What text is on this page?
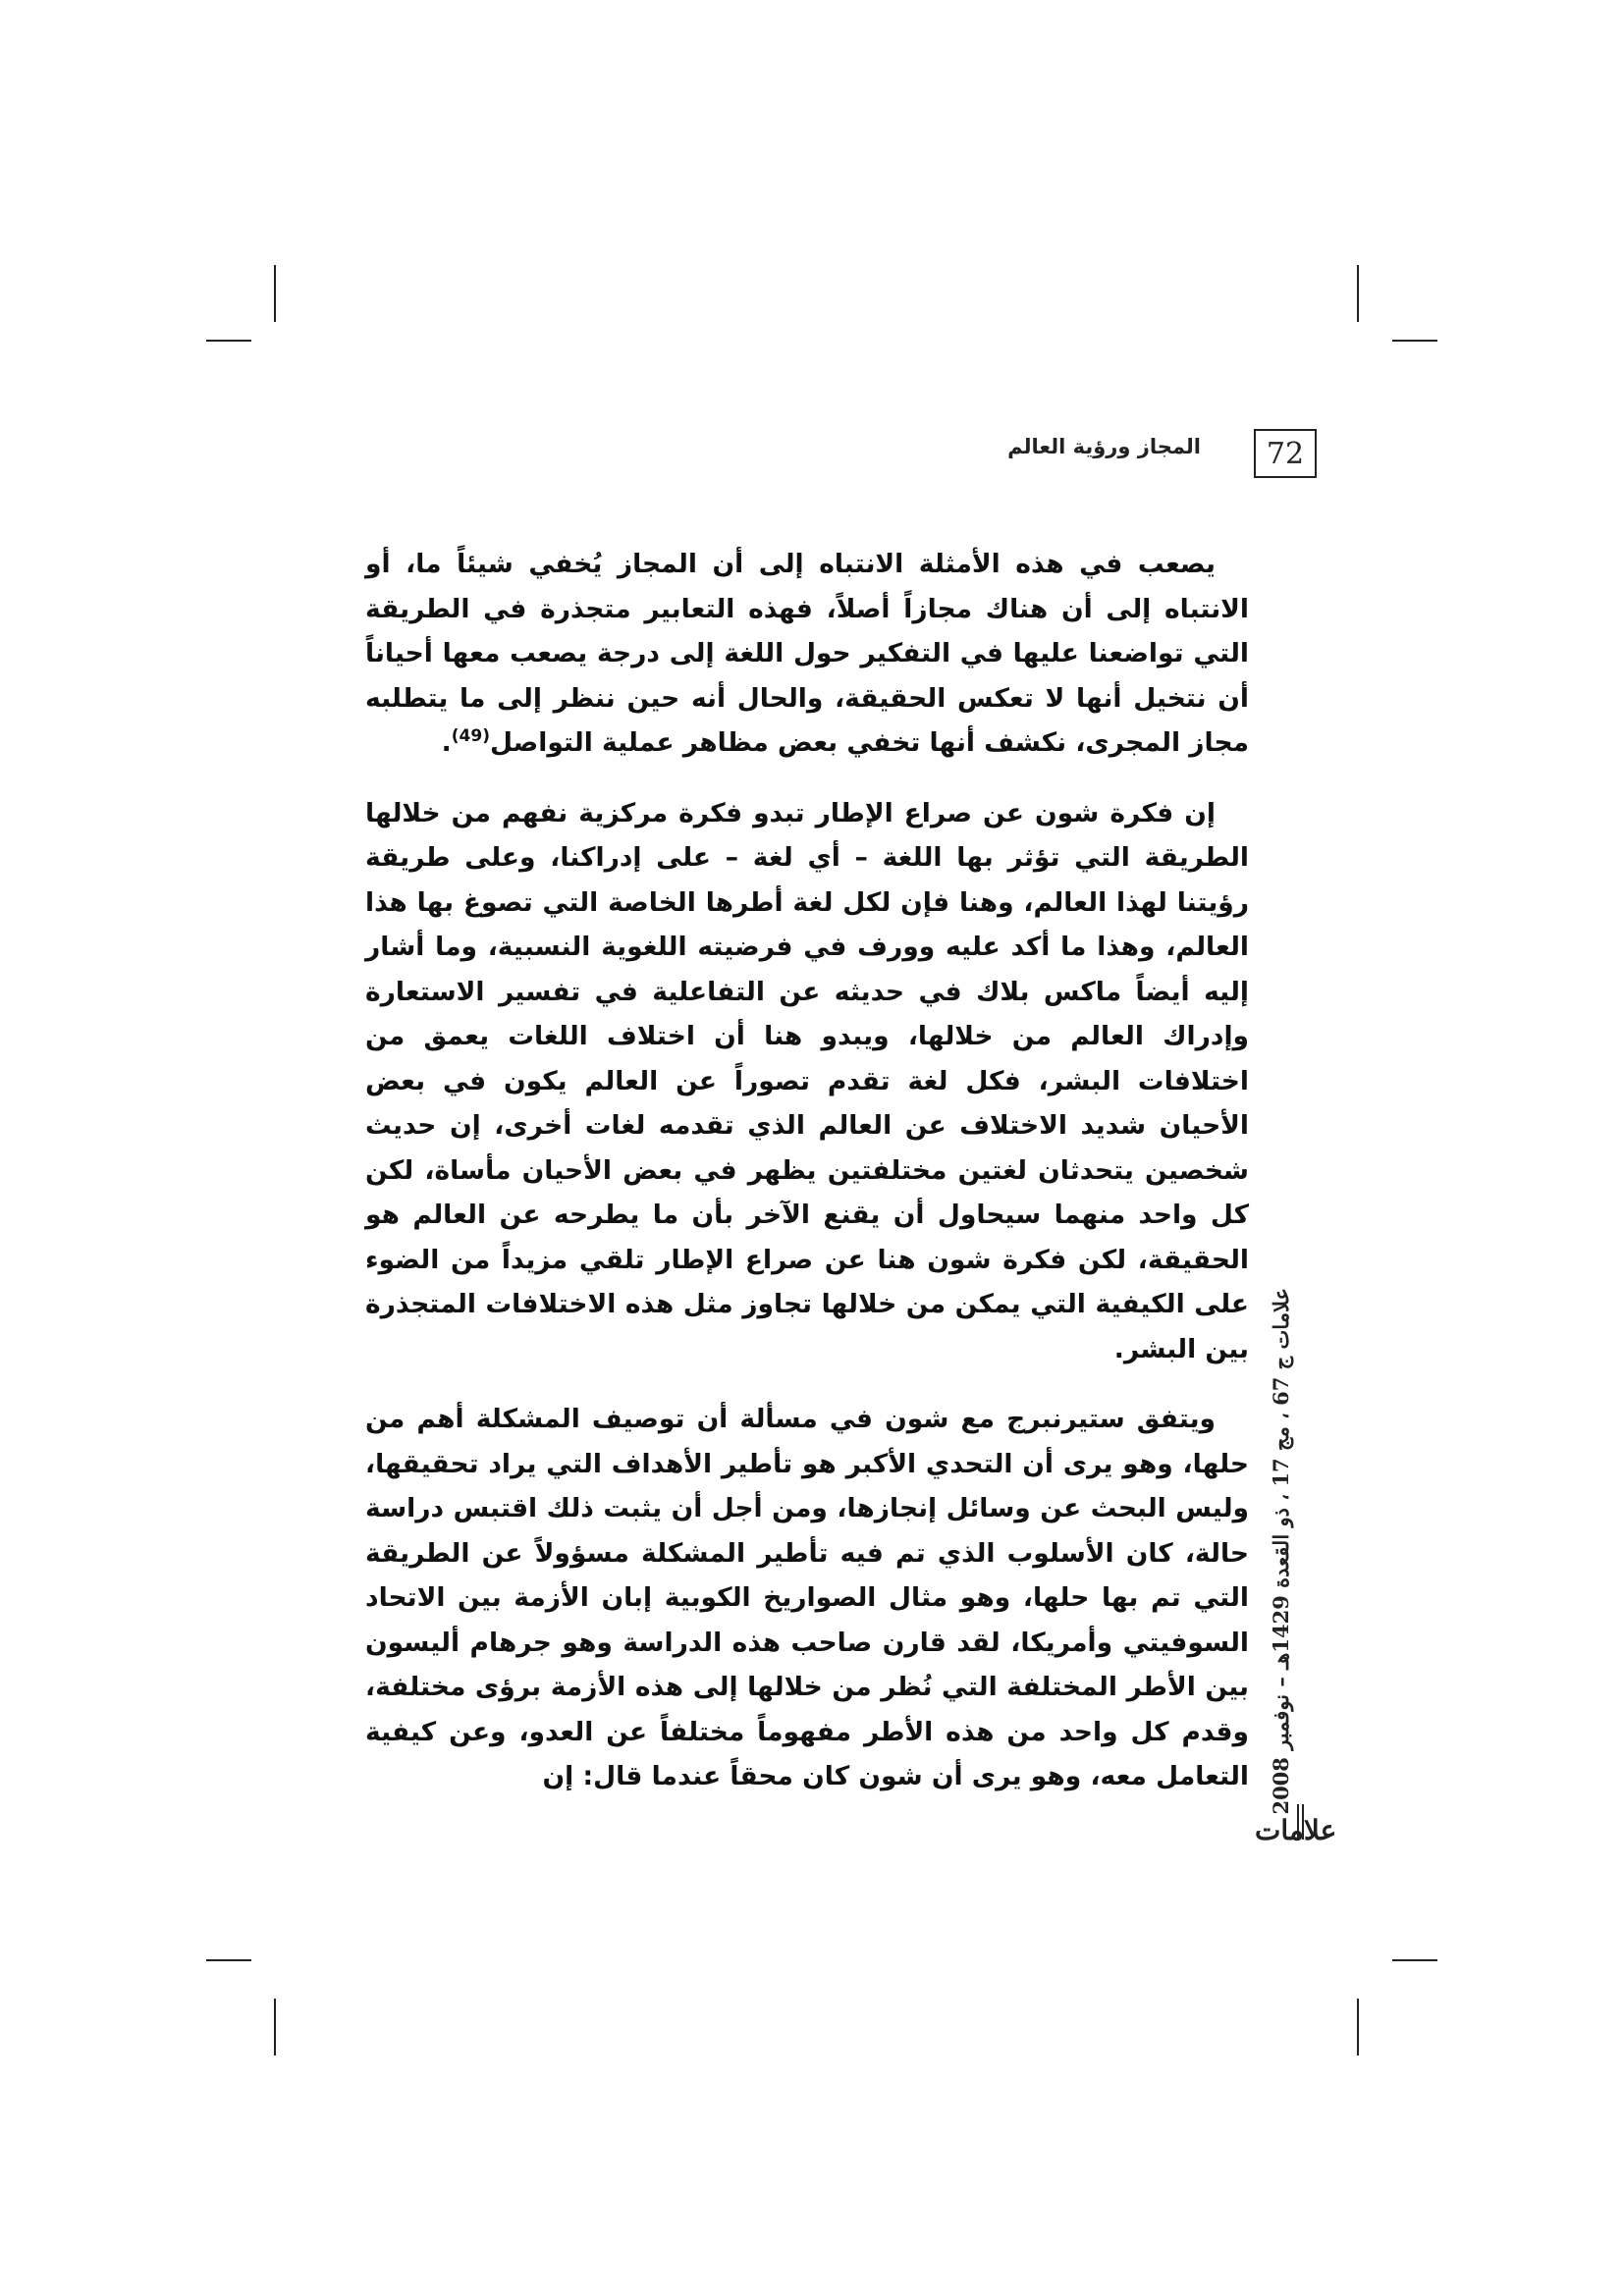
72
المجاز ورؤية العالم

يصعب في هذه الأمثلة الانتباه إلى أن المجاز يُخفي شيئاً ما، أو الانتباه إلى أن هناك مجازاً أصلاً، فهذه التعابير متجذرة في الطريقة التي تواضعنا عليها في التفكير حول اللغة إلى درجة يصعب معها أحياناً أن نتخيل أنها لا تعكس الحقيقة، والحال أنه حين ننظر إلى ما يتطلبه مجاز المجرى، نكشف أنها تخفي بعض مظاهر عملية التواصل$^{(49)}$.

إن فكرة شون عن صراع الإطار تبدو فكرة مركزية نفهم من خلالها الطريقة التي تؤثر بها اللغة – أي لغة – على إدراكنا، وعلى طريقة رؤيتنا لهذا العالم، وهنا فإن لكل لغة أطرها الخاصة التي تصوغ بها هذا العالم، وهذا ما أكد عليه وورف في فرضيته اللغوية النسبية، وما أشار إليه أيضاً ماكس بلاك في حديثه عن التفاعلية في تفسير الاستعارة وإدراك العالم من خلالها، ويبدو هنا أن اختلاف اللغات يعمق من اختلافات البشر، فكل لغة تقدم تصوراً عن العالم يكون في بعض الأحيان شديد الاختلاف عن العالم الذي تقدمه لغات أخرى، إن حديث شخصين يتحدثان لغتين مختلفتين يظهر في بعض الأحيان مأساة، لكن كل واحد منهما سيحاول أن يقنع الآخر بأن ما يطرحه عن العالم هو الحقيقة، لكن فكرة شون هنا عن صراع الإطار تلقي مزيداً من الضوء على الكيفية التي يمكن من خلالها تجاوز مثل هذه الاختلافات المتجذرة بين البشر.

ويتفق ستيرنبرج مع شون في مسألة أن توصيف المشكلة أهم من حلها، وهو يرى أن التحدي الأكبر هو تأطير الأهداف التي يراد تحقيقها، وليس البحث عن وسائل إنجازها، ومن أجل أن يثبت ذلك اقتبس دراسة حالة، كان الأسلوب الذي تم فيه تأطير المشكلة مسؤولاً عن الطريقة التي تم بها حلها، وهو مثال الصواريخ الكوبية إبان الأزمة بين الاتحاد السوفيتي وأمريكا، لقد قارن صاحب هذه الدراسة وهو جرهام أليسون بين الأطر المختلفة التي نُظر من خلالها إلى هذه الأزمة برؤى مختلفة، وقدم كل واحد من هذه الأطر مفهوماً مختلفاً عن العدو، وعن كيفية التعامل معه، وهو يرى أن شون كان محقاً عندما قال: إن علامات ج 67 ، مج 17 ، ذو القعدة 1429هـ – نوفمبر 2008
علامات
